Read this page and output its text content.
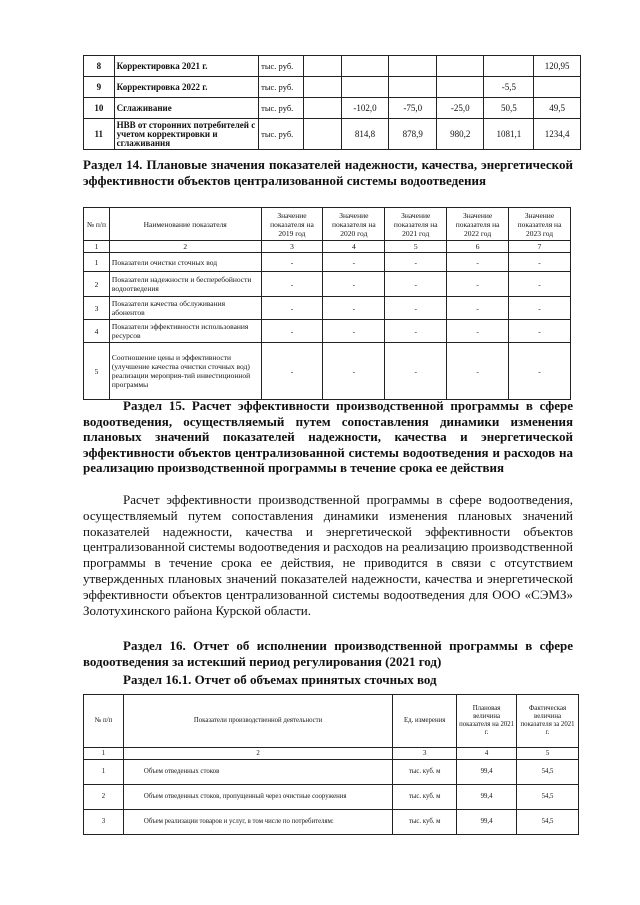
8	Корректировка 2021 г.	тыс. руб.						120,95
9	Корректировка 2022 г.	тыс. руб.					-5,5	
10	Сглаживание	тыс. руб.		-102,0	-75,0	-25,0	50,5	49,5
11	НВВ от сторонних потребителей с учетом корректировки и сглаживания	тыс. руб.		814,8	878,9	980,2	1081,1	1234,4
Раздел 14. Плановые значения показателей надежности, качества, энергетической эффективности объектов централизованной системы водоотведения
№ п/п	Наименование показателя	Значение показателя на 2019 год	Значение показателя на 2020 год	Значение показателя на 2021 год	Значение показателя на 2022 год	Значение показателя на 2023 год
1	2	3	4	5	6	7
1	Показатели очистки сточных вод	-	-	-	-	-
2	Показатели надежности и бесперебойности водоотведения	-	-	-	-	-
3	Показатели качества обслуживания абонентов	-	-	-	-	-
4	Показатели эффективности использования ресурсов	-	-	-	-	-
5	Соотношение цены и эффективности (улучшение качества очистки сточных вод) реализации мероприя-тий инвестиционной программы	-	-	-	-	-
Раздел 15. Расчет эффективности производственной программы в сфере водоотведения, осуществляемый путем сопоставления динамики изменения плановых значений показателей надежности, качества и энергетической эффективности объектов централизованной системы водоотведения и расходов на реализацию производственной программы в течение срока ее действия
Расчет эффективности производственной программы в сфере водоотведения, осуществляемый путем сопоставления динамики изменения плановых значений показателей надежности, качества и энергетической эффективности объектов централизованной системы водоотведения и расходов на реализацию производственной программы в течение срока ее действия, не приводится в связи с отсутствием утвержденных плановых значений показателей надежности, качества и энергетической эффективности объектов централизованной системы водоотведения для ООО «СЭМЗ» Золотухинского района Курской области.
Раздел 16. Отчет об исполнении производственной программы в сфере водоотведения за истекший период регулирования (2021 год)
Раздел 16.1. Отчет об объемах принятых сточных вод
№ п/п	Показатели производственной деятельности	Ед. измерения	Плановая величина показателя на 2021 г.	Фактическая величина показателя за 2021 г.
1	2	3	4	5
1	Объем отведенных стоков	тыс. куб. м	99,4	54,5
2	Объем отведенных стоков, пропущенный через очистные сооружения	тыс. куб. м	99,4	54,5
3	Объем реализации товаров и услуг, в том числе по потребителям:	тыс. куб. м	99,4	54,5
